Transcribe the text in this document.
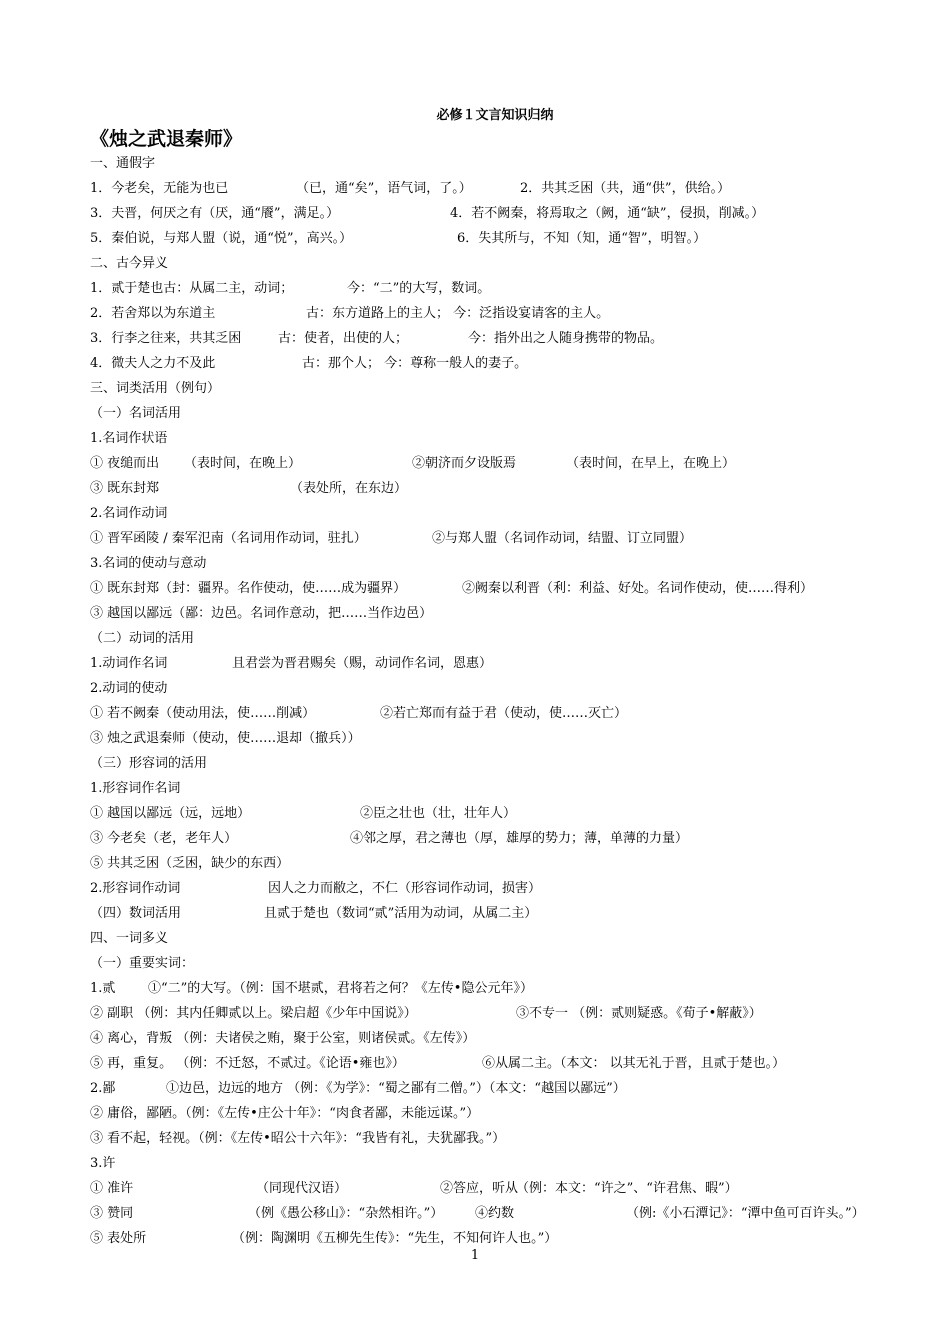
必修１文言知识归纳
《烛之武退秦师》
一、通假字
1．今老矣，无能为也已	（已，通“矣”，语气词，了。）	2．共其乏困（共，通“供”，供给。）
3．夫晋，何厌之有（厌，通“餍”，满足。）	4．若不阙秦，将焉取之（阙，通“缺”，侵损，削减。）
5．秦伯说，与郑人盟（说，通“悦”，高兴。）	6．失其所与，不知（知，通“智”，明智。）
二、古今异义
1．贰于楚也古：从属二主，动词；	今：“二”的大写，数词。
2．若舍郑以为东道主	古：东方道路上的主人； 今：泛指设宴请客的主人。
3．行李之往来，共其乏困	古：使者，出使的人；	今：指外出之人随身携带的物品。
4．微夫人之力不及此	古：那个人； 今：尊称一般人的妻子。
三、词类活用（例句）
（一）名词活用
1.名词作状语
① 夜缒而出 （表时间，在晚上）	②朝济而夕设版焉	（表时间，在早上，在晚上）
③ 既东封郑	（表处所，在东边）
2.名词作动词
① 晋军函陵 / 秦军氾南（名词用作动词，驻扎）	②与郑人盟（名词作动词，结盟、订立同盟）
3.名词的使动与意动
① 既东封郑（封：疆界。名作使动，使……成为疆界）	②阙秦以利晋（利：利益、好处。名词作使动，使……得利）
③ 越国以鄙远（鄙：边邑。名词作意动，把……当作边邑）
（二）动词的活用
1.动词作名词	且君尝为晋君赐矣（赐，动词作名词，恩惠）
2.动词的使动
① 若不阙秦（使动用法，使……削减）	②若亡郑而有益于君（使动，使……灭亡）
③ 烛之武退秦师（使动，使……退却（撤兵））
（三）形容词的活用
1.形容词作名词
① 越国以鄙远（远，远地）	②臣之壮也（壮，壮年人）
③ 今老矣（老，老年人）	④邻之厚，君之薄也（厚，雄厚的势力；薄，单薄的力量）
⑤ 共其乏困（乏困，缺少的东西）
2.形容词作动词	因人之力而敝之，不仁（形容词作动词，损害）
（四）数词活用	且贰于楚也（数词“贰”活用为动词，从属二主）
四、一词多义
（一）重要实词：
1.贰	①“二”的大写。（例：国不堪贰，君将若之何？《左传•隐公元年》）
② 副职 （例：其内任卿贰以上。梁启超《少年中国说》）	③不专一 （例：贰则疑惑。《荀子•解蔽》）
④ 离心，背叛 （例：夫诸侯之贿，聚于公室，则诸侯贰。《左传》）
⑤ 再，重复。 （例：不迁怒，不贰过。《论语•雍也》）	⑥从属二主。（本文： 以其无礼于晋，且贰于楚也。）
2.鄙	①边邑，边远的地方 （例：《为学》：“蜀之鄙有二僧。”）（本文：“越国以鄙远”）
② 庸俗，鄙陋。（例：《左传•庄公十年》：“肉食者鄙，未能远谋。”）
③ 看不起，轻视。（例：《左传•昭公十六年》：“我皆有礼，夫犹鄙我。”）
3.许
① 准许	（同现代汉语）	②答应，听从
（例：本文：“许之”、“许君焦、暇”）
③ 赞同	（例《愚公移山》：“杂然相许。”） ④约数	（例:《小石潭记》：“潭中鱼可百许头。”）
⑤ 表处所	（例：陶渊明《五柳先生传》：“先生，不知何许人也。”）
1
